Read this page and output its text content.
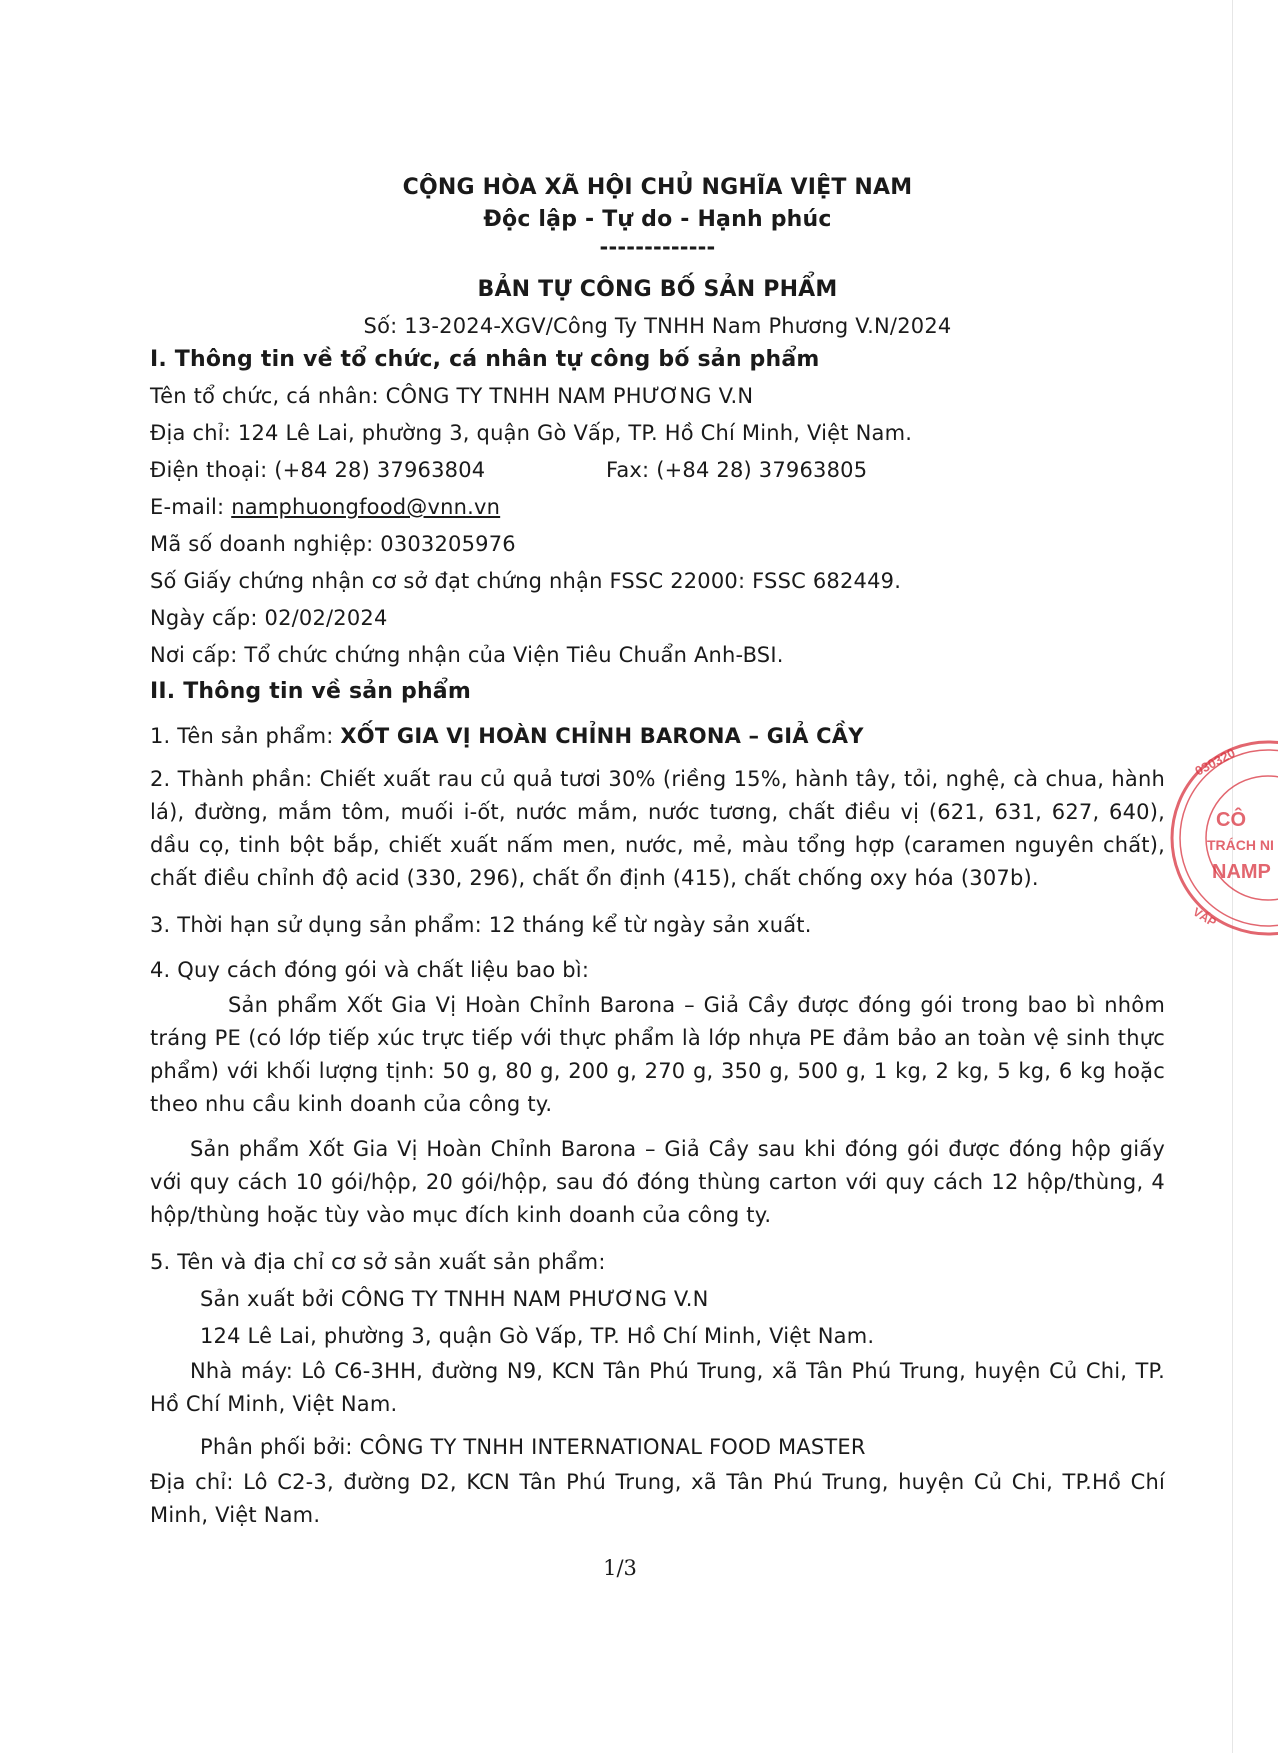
CỘNG HÒA XÃ HỘI CHỦ NGHĨA VIỆT NAM

Độc lập - Tự do - Hạnh phúc

-------------

BẢN TỰ CÔNG BỐ SẢN PHẨM

Số: 13-2024-XGV/Công Ty TNHH Nam Phương V.N/2024

I. Thông tin về tổ chức, cá nhân tự công bố sản phẩm

Tên tổ chức, cá nhân: CÔNG TY TNHH NAM PHƯƠNG V.N

Địa chỉ: 124 Lê Lai, phường 3, quận Gò Vấp, TP. Hồ Chí Minh, Việt Nam.

Điện thoại: (+84 28) 37963804	Fax: (+84 28) 37963805

E-mail: namphuongfood@vnn.vn

Mã số doanh nghiệp: 0303205976

Số Giấy chứng nhận cơ sở đạt chứng nhận FSSC 22000: FSSC 682449.

Ngày cấp: 02/02/2024

Nơi cấp: Tổ chức chứng nhận của Viện Tiêu Chuẩn Anh-BSI.

II. Thông tin về sản phẩm

1. Tên sản phẩm: XỐT GIA VỊ HOÀN CHỈNH BARONA – GIẢ CẦY

2. Thành phần: Chiết xuất rau củ quả tươi 30% (riềng 15%, hành tây, tỏi, nghệ, cà chua, hành lá), đường, mắm tôm, muối i-ốt, nước mắm, nước tương, chất điều vị (621, 631, 627, 640), dầu cọ, tinh bột bắp, chiết xuất nấm men, nước, mẻ, màu tổng hợp (caramen nguyên chất), chất điều chỉnh độ acid (330, 296), chất ổn định (415), chất chống oxy hóa (307b).

3. Thời hạn sử dụng sản phẩm: 12 tháng kể từ ngày sản xuất.

4. Quy cách đóng gói và chất liệu bao bì:

Sản phẩm Xốt Gia Vị Hoàn Chỉnh Barona – Giả Cầy được đóng gói trong bao bì nhôm tráng PE (có lớp tiếp xúc trực tiếp với thực phẩm là lớp nhựa PE đảm bảo an toàn vệ sinh thực phẩm) với khối lượng tịnh: 50 g, 80 g, 200 g, 270 g, 350 g, 500 g, 1 kg, 2 kg, 5 kg, 6 kg hoặc theo nhu cầu kinh doanh của công ty.

Sản phẩm Xốt Gia Vị Hoàn Chỉnh Barona – Giả Cầy sau khi đóng gói được đóng hộp giấy với quy cách 10 gói/hộp, 20 gói/hộp, sau đó đóng thùng carton với quy cách 12 hộp/thùng, 4 hộp/thùng hoặc tùy vào mục đích kinh doanh của công ty.

5. Tên và địa chỉ cơ sở sản xuất sản phẩm:

Sản xuất bởi CÔNG TY TNHH NAM PHƯƠNG V.N

124 Lê Lai, phường 3, quận Gò Vấp, TP. Hồ Chí Minh, Việt Nam.

Nhà máy: Lô C6-3HH, đường N9, KCN Tân Phú Trung, xã Tân Phú Trung, huyện Củ Chi, TP. Hồ Chí Minh, Việt Nam.

Phân phối bởi: CÔNG TY TNHH INTERNATIONAL FOOD MASTER

Địa chỉ: Lô C2-3, đường D2, KCN Tân Phú Trung, xã Tân Phú Trung, huyện Củ Chi, TP.Hồ Chí Minh, Việt Nam.

1/3
030320
CÔ
TRÁCH NI
NAMP
VẤP
